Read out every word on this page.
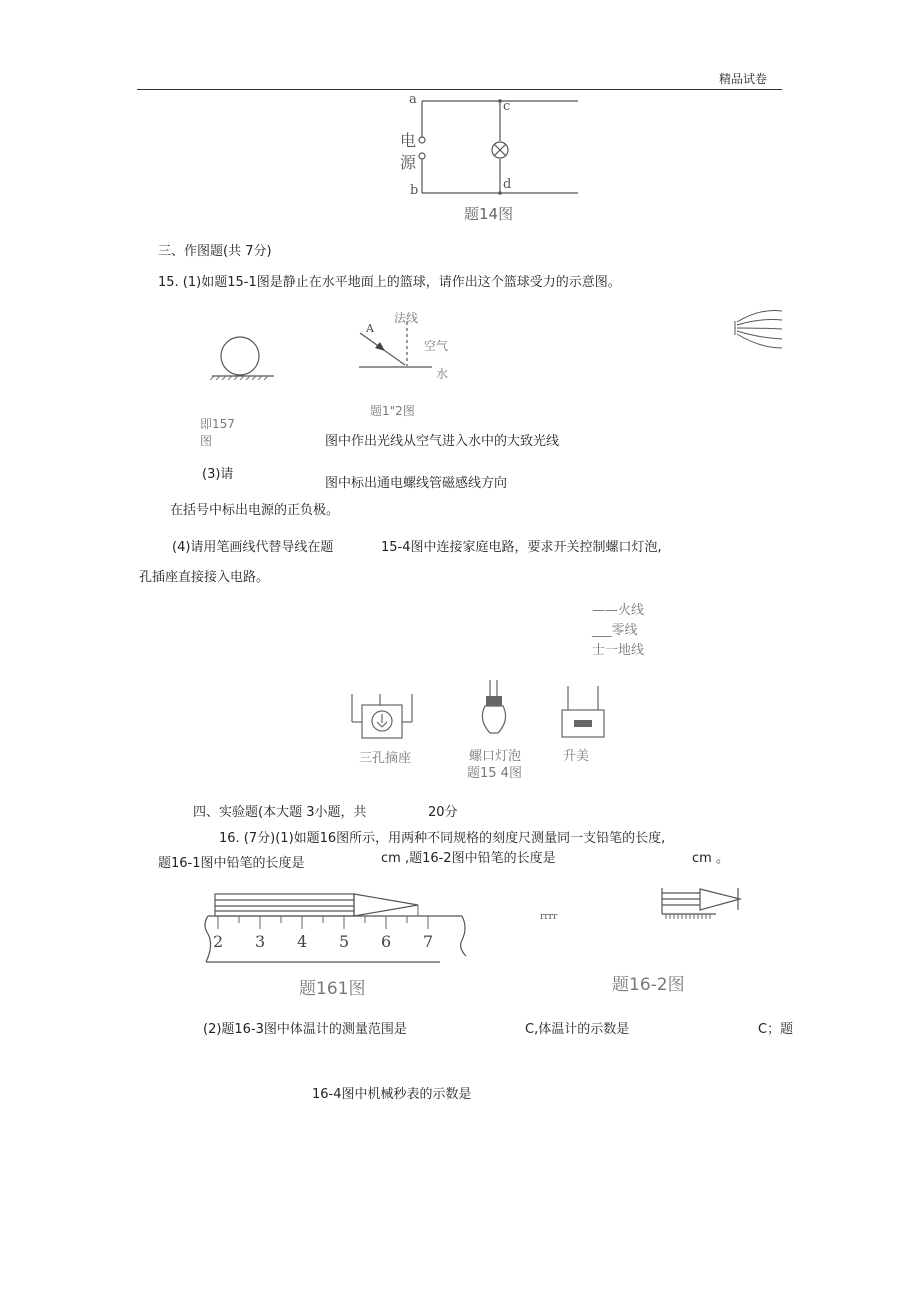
精品试卷
a
b
c
d
电
源
题14图
三、作图题(共 7分)
15. (1)如题15-1图是静止在水平地面上的篮球，请作出这个篮球受力的示意图。
即157
图
法线
A
空气
水
题1"2图
图中作出光线从空气进入水中的大致光线
(3)请
图中标出通电螺线管磁感线方向
在括号中标出电源的正负极。
(4)请用笔画线代替导线在题	15-4图中连接家庭电路，要求开关控制螺口灯泡,
孔插座直接接入电路。
——火线
___零线
士一地线
三孔摘座	螺口灯泡
题15 4图
升美
四、实验题(本大题 3小题，共	20分
16. (7分)(1)如题16图所示，用两种不同规格的刻度尺测量同一支铅笔的长度,
题16-1图中铅笔的长度是	cm ,题16-2图中铅笔的长度是	cm 。
2 3 4 5 6 7
题161图
rrrr
题16-2图
(2)题16-3图中体温计的测量范围是	C,体温计的示数是	C；题
16-4图中机械秒表的示数是
